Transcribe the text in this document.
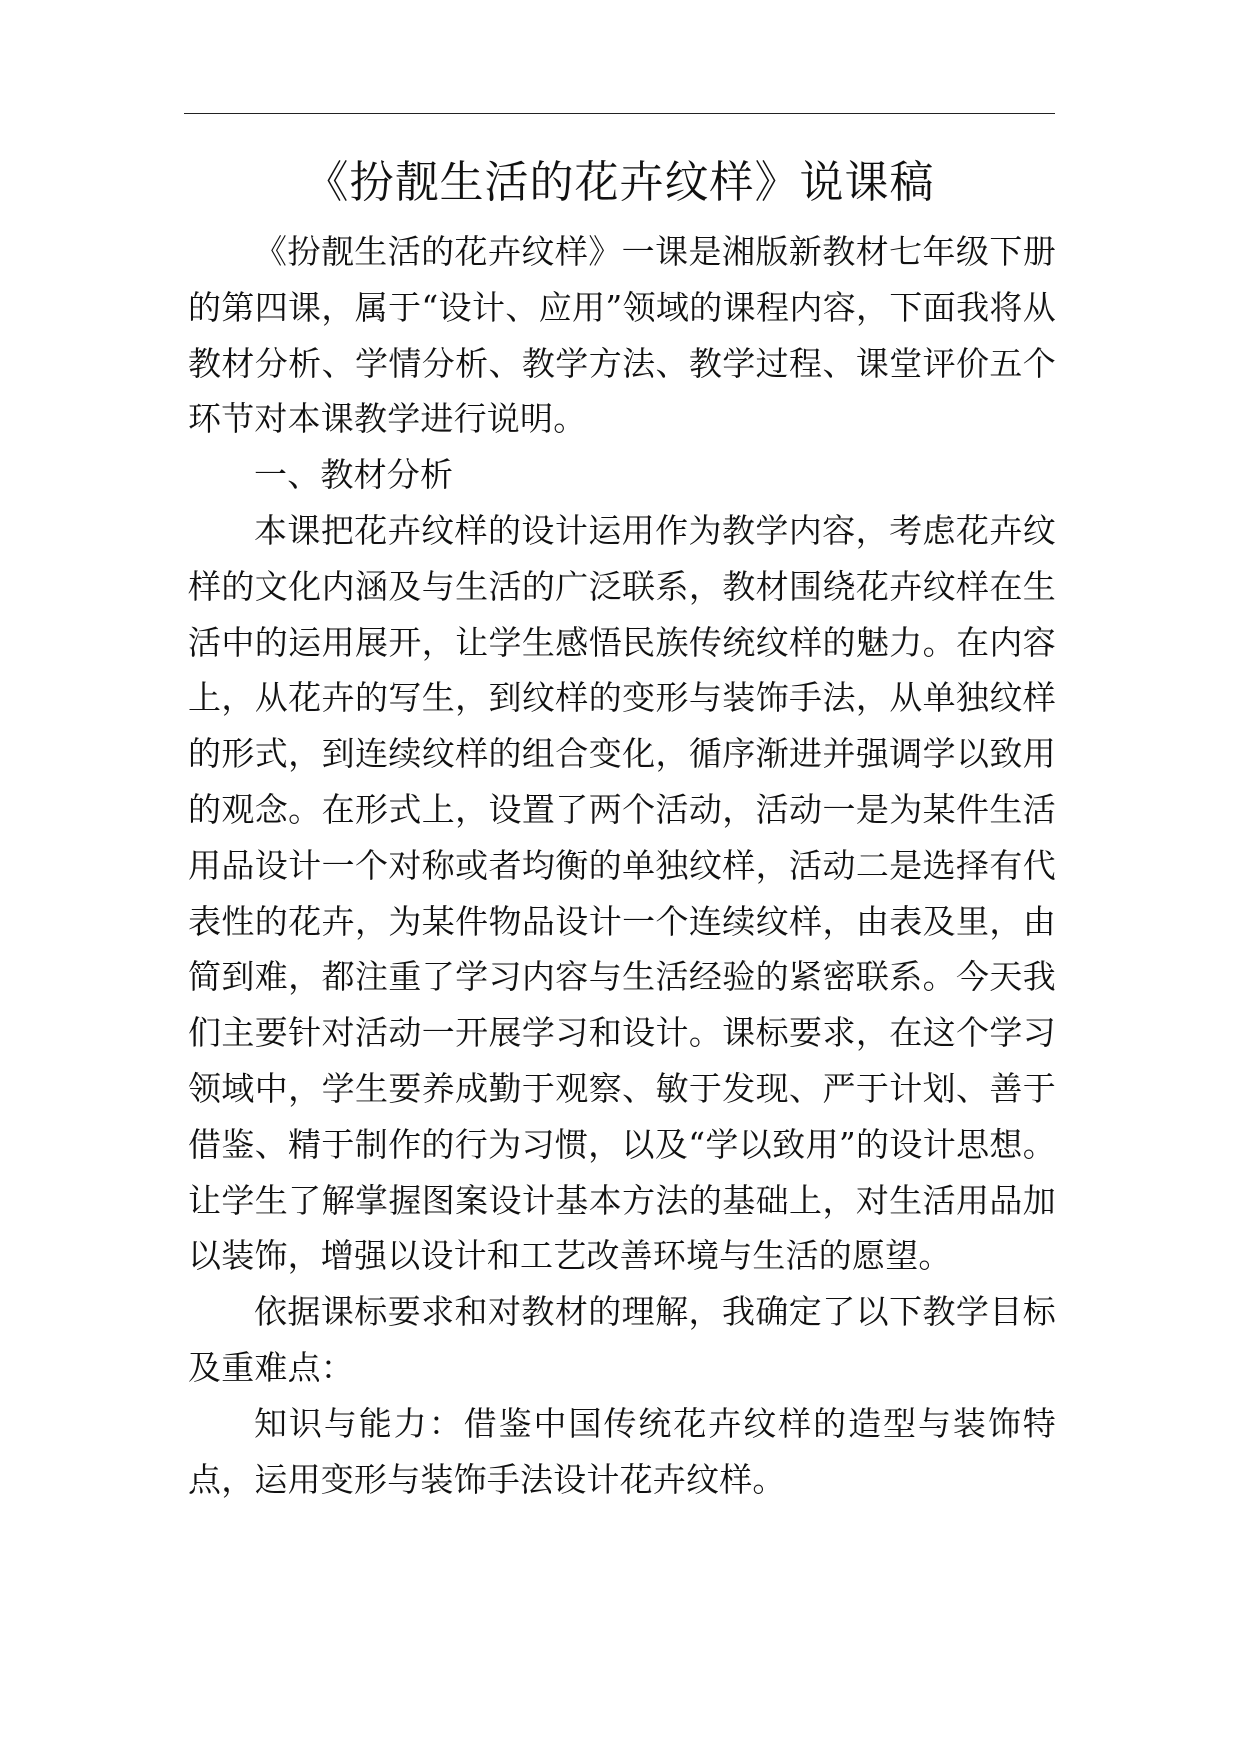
《扮靓生活的花卉纹样》说课稿

《扮靓生活的花卉纹样》一课是湘版新教材七年级下册的第四课，属于“设计、应用”领域的课程内容，下面我将从教材分析、学情分析、教学方法、教学过程、课堂评价五个环节对本课教学进行说明。

一、教材分析

本课把花卉纹样的设计运用作为教学内容，考虑花卉纹样的文化内涵及与生活的广泛联系，教材围绕花卉纹样在生活中的运用展开，让学生感悟民族传统纹样的魅力。在内容上，从花卉的写生，到纹样的变形与装饰手法，从单独纹样的形式，到连续纹样的组合变化，循序渐进并强调学以致用的观念。在形式上，设置了两个活动，活动一是为某件生活用品设计一个对称或者均衡的单独纹样，活动二是选择有代表性的花卉，为某件物品设计一个连续纹样，由表及里，由简到难，都注重了学习内容与生活经验的紧密联系。今天我们主要针对活动一开展学习和设计。课标要求，在这个学习领域中，学生要养成勤于观察、敏于发现、严于计划、善于借鉴、精于制作的行为习惯，以及“学以致用”的设计思想。让学生了解掌握图案设计基本方法的基础上，对生活用品加以装饰，增强以设计和工艺改善环境与生活的愿望。

依据课标要求和对教材的理解，我确定了以下教学目标及重难点：

知识与能力：借鉴中国传统花卉纹样的造型与装饰特点，运用变形与装饰手法设计花卉纹样。
